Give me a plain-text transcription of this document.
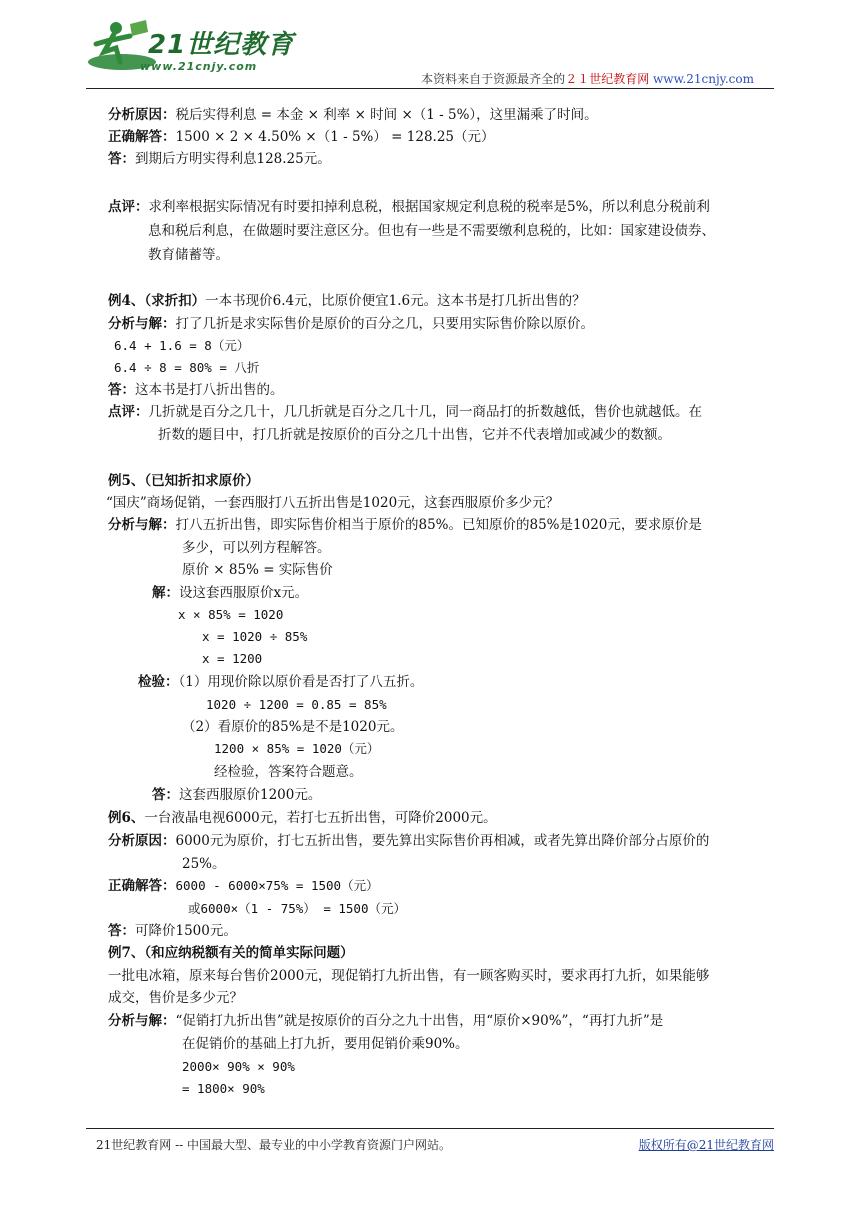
21世纪教育
www.21cnjy.com
本资料来自于资源最齐全的２１世纪教育网 www.21cnjy.com
分析原因：税后实得利息 = 本金 × 利率 × 时间 ×（1 - 5%），这里漏乘了时间。
正确解答：1500 × 2 × 4.50% ×（1 - 5%） = 128.25（元）
答：到期后方明实得利息128.25元。
点评：求利率根据实际情况有时要扣掉利息税，根据国家规定利息税的税率是5%，所以利息分税前利
息和税后利息，在做题时要注意区分。但也有一些是不需要缴利息税的，比如：国家建设债券、
教育储蓄等。
例4、（求折扣）一本书现价6.4元，比原价便宜1.6元。这本书是打几折出售的？
分析与解：打了几折是求实际售价是原价的百分之几，只要用实际售价除以原价。
6.4 + 1.6 = 8（元）
6.4 ÷ 8 = 80% = 八折
答：这本书是打八折出售的。
点评：几折就是百分之几十，几几折就是百分之几十几，同一商品打的折数越低，售价也就越低。在
折数的题目中，打几折就是按原价的百分之几十出售，它并不代表增加或减少的数额。
例5、（已知折扣求原价）
“国庆”商场促销，一套西服打八五折出售是1020元，这套西服原价多少元？
分析与解：打八五折出售，即实际售价相当于原价的85%。已知原价的85%是1020元，要求原价是
多少，可以列方程解答。
原价 × 85% = 实际售价
解：设这套西服原价x元。
x × 85% = 1020
x = 1020 ÷ 85%
x = 1200
检验：（1）用现价除以原价看是否打了八五折。
1020 ÷ 1200 = 0.85 = 85%
（2）看原价的85%是不是1020元。
1200 × 85% = 1020（元）
经检验，答案符合题意。
答：这套西服原价1200元。
例6、一台液晶电视6000元，若打七五折出售，可降价2000元。
分析原因：6000元为原价，打七五折出售，要先算出实际售价再相减，或者先算出降价部分占原价的
25%。
正确解答：6000 - 6000×75% = 1500（元）
或6000×（1 - 75%） = 1500（元）
答：可降价1500元。
例7、（和应纳税额有关的简单实际问题）
一批电冰箱，原来每台售价2000元，现促销打九折出售，有一顾客购买时，要求再打九折，如果能够
成交，售价是多少元？
分析与解：“促销打九折出售”就是按原价的百分之九十出售，用“原价×90%”，“再打九折”是
在促销价的基础上打九折，要用促销价乘90%。
2000× 90% × 90%
= 1800× 90%
21世纪教育网 -- 中国最大型、最专业的中小学教育资源门户网站。	版权所有@21世纪教育网
